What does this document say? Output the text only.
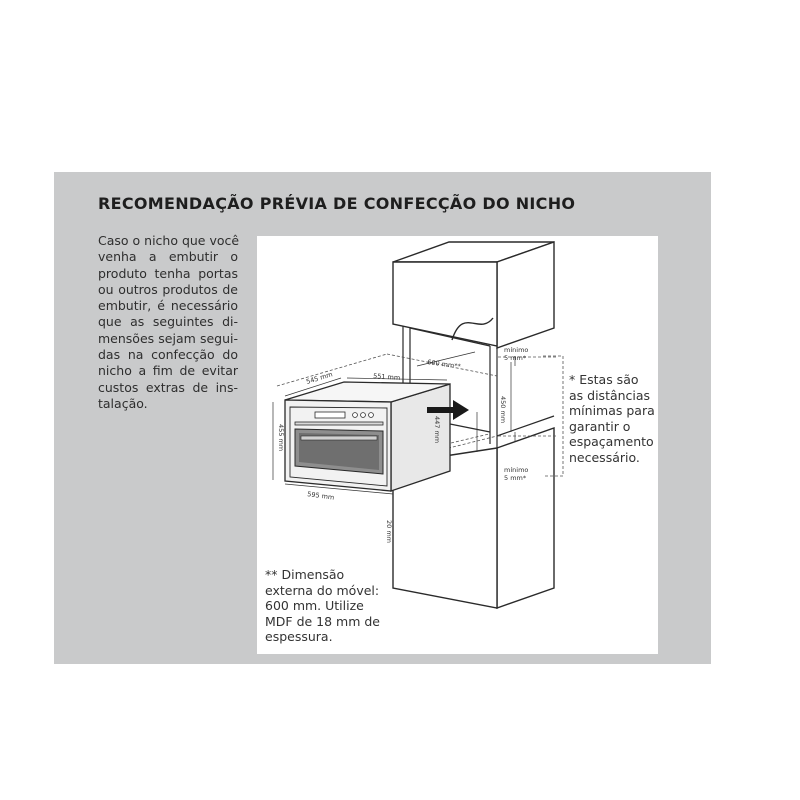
RECOMENDAÇÃO PRÉVIA DE CONFECÇÃO DO NICHO
Caso o nicho que você
venha a embutir o
produto tenha portas
ou outros produtos de
embutir, é necessário
que as seguintes di-
mensões sejam segui-
das na confecção do
nicho a fim de evitar
custos extras de ins-
talação.
545 mm	551 mm
600 mm**
455 mm	447 mm
595 mm
20 mm
450 mm
mínimo
5 mm*
mínimo
5 mm*
* Estas são
as distâncias
mínimas para
garantir o
espaçamento
necessário.
** Dimensão
externa do móvel:
600 mm. Utilize
MDF de 18 mm de
espessura.
